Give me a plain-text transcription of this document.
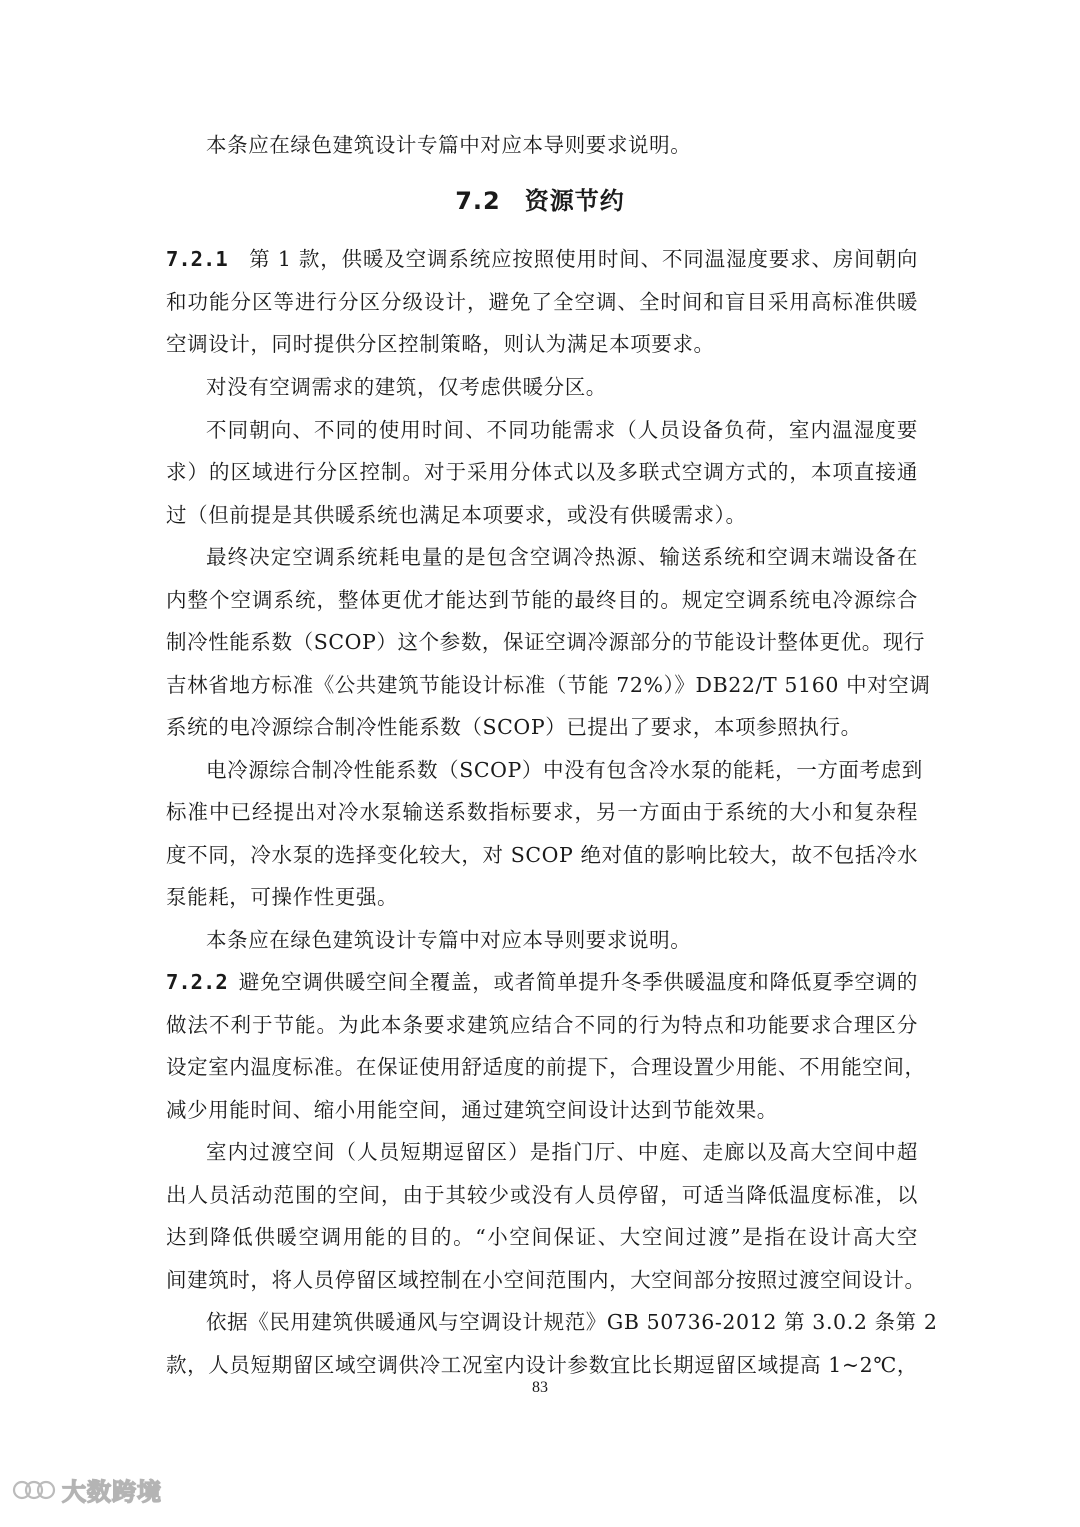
本条应在绿色建筑设计专篇中对应本导则要求说明。
7.2 资源节约
7.2.1  第 1 款，供暖及空调系统应按照使用时间、不同温湿度要求、房间朝向
和功能分区等进行分区分级设计，避免了全空调、全时间和盲目采用高标准供暖
空调设计，同时提供分区控制策略，则认为满足本项要求。
对没有空调需求的建筑，仅考虑供暖分区。
不同朝向、不同的使用时间、不同功能需求（人员设备负荷，室内温湿度要
求）的区域进行分区控制。对于采用分体式以及多联式空调方式的，本项直接通
过（但前提是其供暖系统也满足本项要求，或没有供暖需求）。
最终决定空调系统耗电量的是包含空调冷热源、输送系统和空调末端设备在
内整个空调系统，整体更优才能达到节能的最终目的。规定空调系统电冷源综合
制冷性能系数（SCOP）这个参数，保证空调冷源部分的节能设计整体更优。现行
吉林省地方标准《公共建筑节能设计标准（节能 72%）》DB22/T 5160 中对空调
系统的电冷源综合制冷性能系数（SCOP）已提出了要求，本项参照执行。
电冷源综合制冷性能系数（SCOP）中没有包含冷水泵的能耗，一方面考虑到
标准中已经提出对冷水泵输送系数指标要求，另一方面由于系统的大小和复杂程
度不同，冷水泵的选择变化较大，对 SCOP 绝对值的影响比较大，故不包括冷水
泵能耗，可操作性更强。
本条应在绿色建筑设计专篇中对应本导则要求说明。
7.2.2  避免空调供暖空间全覆盖，或者简单提升冬季供暖温度和降低夏季空调的
做法不利于节能。为此本条要求建筑应结合不同的行为特点和功能要求合理区分
设定室内温度标准。在保证使用舒适度的前提下，合理设置少用能、不用能空间，
减少用能时间、缩小用能空间，通过建筑空间设计达到节能效果。
室内过渡空间（人员短期逗留区）是指门厅、中庭、走廊以及高大空间中超
出人员活动范围的空间，由于其较少或没有人员停留，可适当降低温度标准，以
达到降低供暖空调用能的目的。“小空间保证、大空间过渡”是指在设计高大空
间建筑时，将人员停留区域控制在小空间范围内，大空间部分按照过渡空间设计。
依据《民用建筑供暖通风与空调设计规范》GB 50736-2012 第 3.0.2 条第 2
款，人员短期留区域空调供冷工况室内设计参数宜比长期逗留区域提高 1~2℃，
83
大数跨境
